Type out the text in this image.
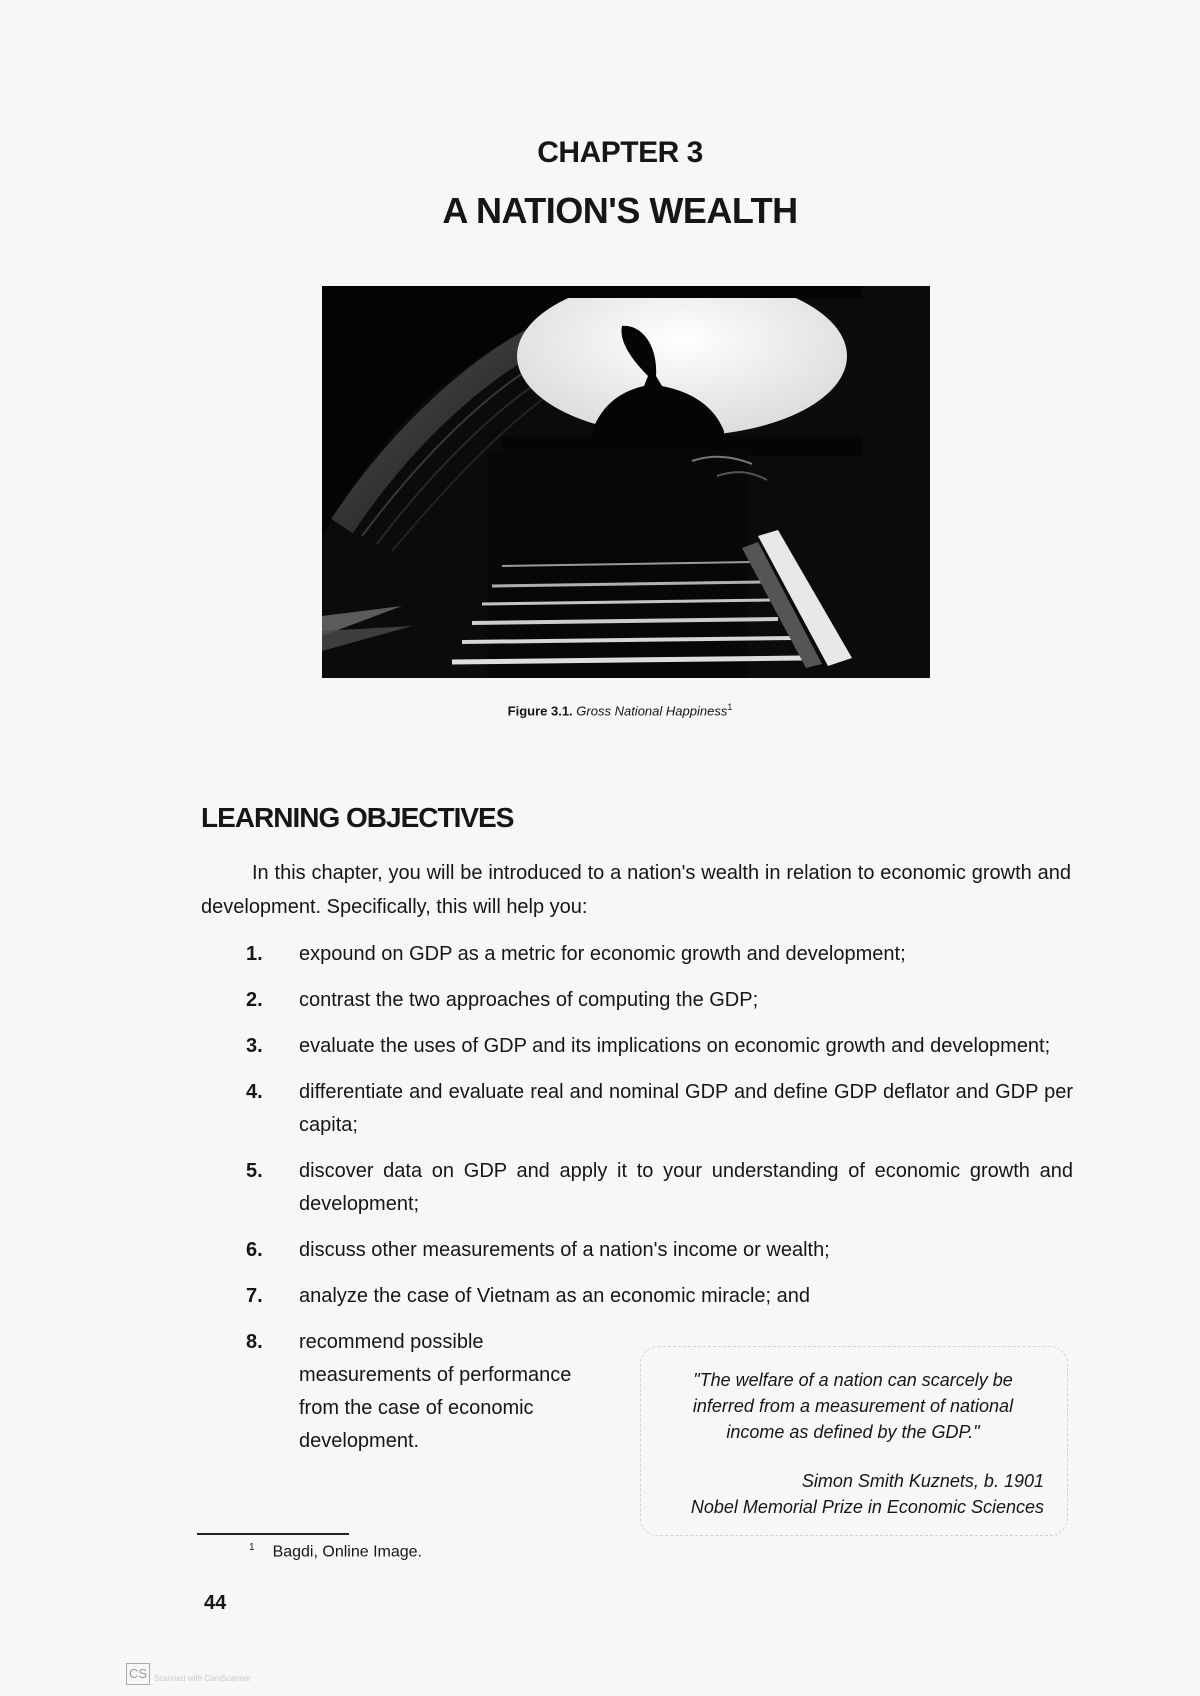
CHAPTER 3
A NATION'S WEALTH
Figure 3.1. Gross National Happiness$^1$
LEARNING OBJECTIVES
In this chapter, you will be introduced to a nation's wealth in relation to economic growth and development. Specifically, this will help you:
1. expound on GDP as a metric for economic growth and development;
2. contrast the two approaches of computing the GDP;
3. evaluate the uses of GDP and its implications on economic growth and development;
4. differentiate and evaluate real and nominal GDP and define GDP deflator and GDP per capita;
5. discover data on GDP and apply it to your understanding of economic growth and development;
6. discuss other measurements of a nation's income or wealth;
7. analyze the case of Vietnam as an economic miracle; and
8. recommend possible measurements of performance from the case of economic development.
"The welfare of a nation can scarcely be inferred from a measurement of national income as defined by the GDP."
Simon Smith Kuznets, b. 1901
Nobel Memorial Prize in Economic Sciences
$^1$ Bagdi, Online Image.
44
CS Scanned with CamScanner
